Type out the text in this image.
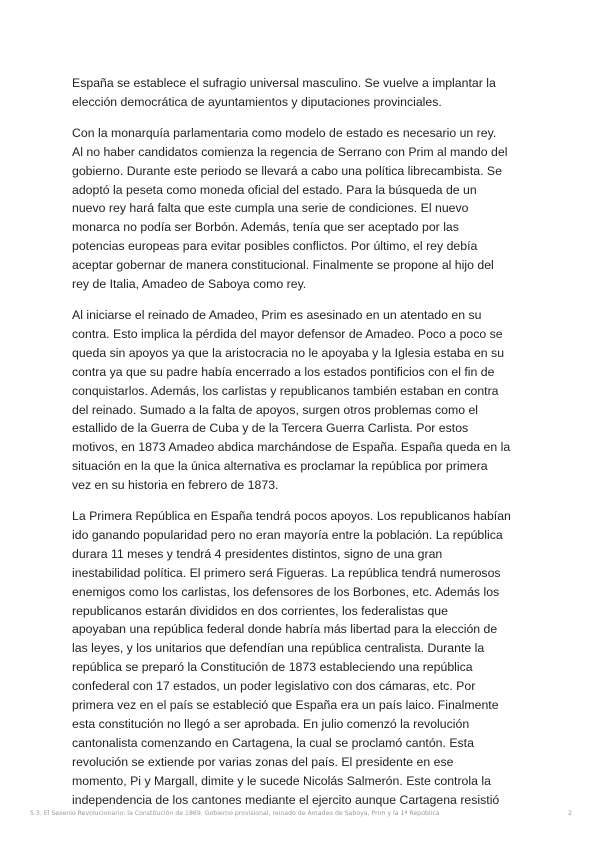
España se establece el sufragio universal masculino. Se vuelve a implantar la
elección democrática de ayuntamientos y diputaciones provinciales.

Con la monarquía parlamentaria como modelo de estado es necesario un rey.
Al no haber candidatos comienza la regencia de Serrano con Prim al mando del
gobierno. Durante este periodo se llevará a cabo una política librecambista. Se
adoptó la peseta como moneda oficial del estado. Para la búsqueda de un
nuevo rey hará falta que este cumpla una serie de condiciones. El nuevo
monarca no podía ser Borbón. Además, tenía que ser aceptado por las
potencias europeas para evitar posibles conflictos. Por último, el rey debía
aceptar gobernar de manera constitucional. Finalmente se propone al hijo del
rey de Italia, Amadeo de Saboya como rey.

Al iniciarse el reinado de Amadeo, Prim es asesinado en un atentado en su
contra. Esto implica la pérdida del mayor defensor de Amadeo. Poco a poco se
queda sin apoyos ya que la aristocracia no le apoyaba y la Iglesia estaba en su
contra ya que su padre había encerrado a los estados pontificios con el fin de
conquistarlos. Además, los carlistas y republicanos también estaban en contra
del reinado. Sumado a la falta de apoyos, surgen otros problemas como el
estallido de la Guerra de Cuba y de la Tercera Guerra Carlista. Por estos
motivos, en 1873 Amadeo abdica marchándose de España. España queda en la
situación en la que la única alternativa es proclamar la república por primera
vez en su historia en febrero de 1873.

La Primera República en España tendrá pocos apoyos. Los republicanos habían
ido ganando popularidad pero no eran mayoría entre la población. La república
durara 11 meses y tendrá 4 presidentes distintos, signo de una gran
inestabilidad política. El primero será Figueras. La república tendrá numerosos
enemigos como los carlistas, los defensores de los Borbones, etc. Además los
republicanos estarán divididos en dos corrientes, los federalistas que
apoyaban una república federal donde habría más libertad para la elección de
las leyes, y los unitarios que defendían una república centralista. Durante la
república se preparó la Constitución de 1873 estableciendo una república
confederal con 17 estados, un poder legislativo con dos cámaras, etc. Por
primera vez en el país se estableció que España era un país laico. Finalmente
esta constitución no llegó a ser aprobada. En julio comenzó la revolución
cantonalista comenzando en Cartagena, la cual se proclamó cantón. Esta
revolución se extiende por varias zonas del país. El presidente en ese
momento, Pi y Margall, dimite y le sucede Nicolás Salmerón. Este controla la
independencia de los cantones mediante el ejercito aunque Cartagena resistió

5.3. El Sexenio Revolucionario: la Constitución de 1869. Gobierno provisional, reinado de Amadeo de Saboya, Prim y la 1ª República	2
